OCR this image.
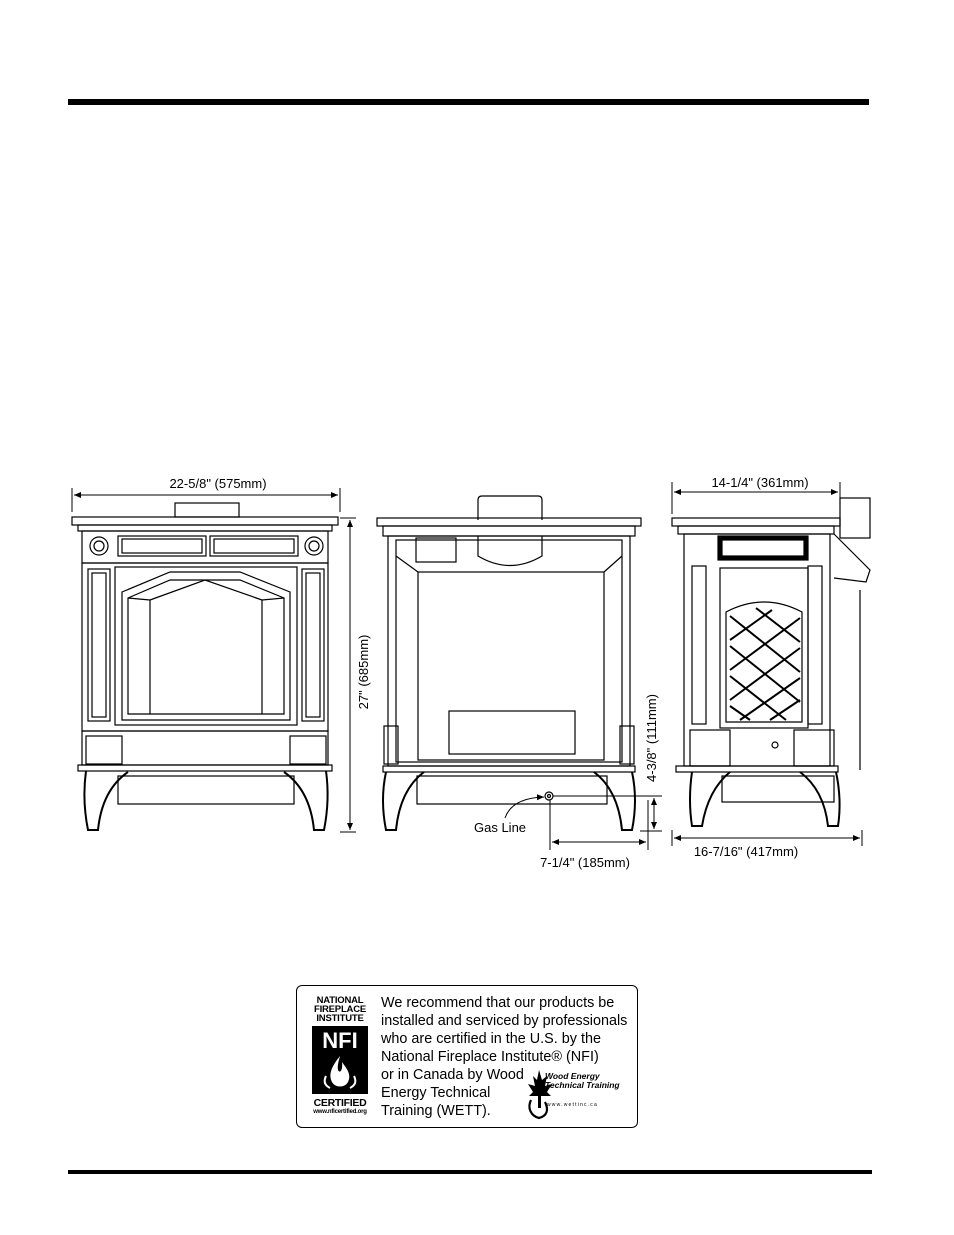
22-5/8" (575mm)
27" (685mm)
Gas Line
4-3/8" (111mm)
7-1/4" (185mm)
14-1/4" (361mm)
16-7/16" (417mm)
NATIONAL
FIREPLACE
INSTITUTE
NFI
CERTIFIED
www.nficertified.org
We recommend that our products be
installed and serviced by professionals
who are certified in the U.S. by the
National Fireplace Institute® (NFI)
or in Canada by Wood
Energy Technical
Training (WETT).
Wood Energy
Technical Training
www.wettinc.ca
